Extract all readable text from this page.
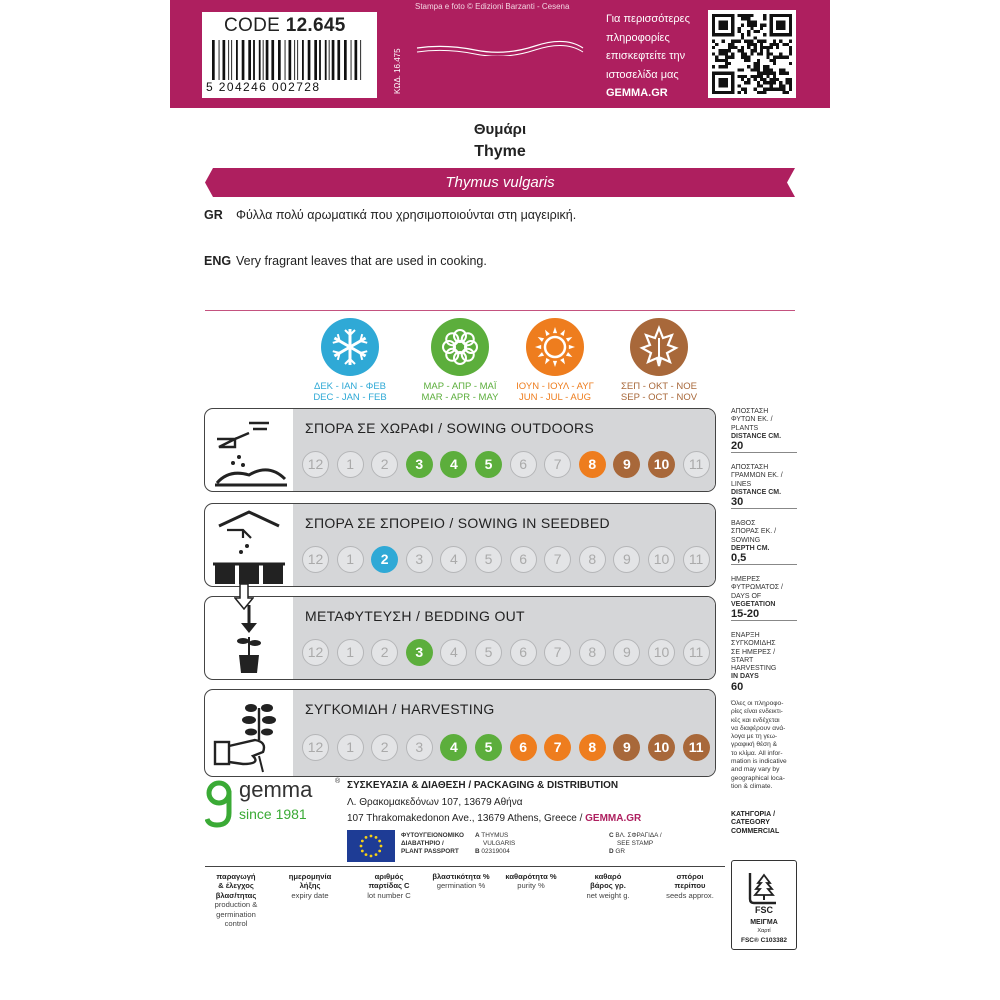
CODE 12.645
5 204246 002728	ΚΩΔ. 16.475
Stampa e foto © Edizioni Barzanti - Cesena
Για περισσότερες
πληροφορίες
επισκεφτείτε την
ιστοσελίδα μας
GEMMA.GR
Θυμάρι
Thyme
Thymus vulgaris
GR Φύλλα πολύ αρωματικά που χρησιμοποιούνται στη μαγειρική.
ENG Very fragrant leaves that are used in cooking.
ΔΕΚ - ΙΑΝ - ΦΕΒ
DEC - JAN - FEB
ΜΑΡ - ΑΠΡ - ΜΑΪ
MAR - APR - MAY
ΙΟΥΝ - ΙΟΥΛ - ΑΥΓ
JUN - JUL - AUG
ΣΕΠ - ΟΚΤ - ΝΟΕ
SEP - OCT - NOV
ΣΠΟΡΑ ΣΕ ΧΩΡΑΦΙ / SOWING OUTDOORS
12	1	2	3	4	5	6	7	8	9	10	11
ΣΠΟΡΑ ΣΕ ΣΠΟΡΕΙΟ / SOWING IN SEEDBED
12	1	2	3	4	5	6	7	8	9	10	11
ΜΕΤΑΦΥΤΕΥΣΗ / BEDDING OUT
12	1	2	3	4	5	6	7	8	9	10	11
ΣΥΓΚΟΜΙΔΗ / HARVESTING
12	1	2	3	4	5	6	7	8	9	10	11
ΑΠΟΣΤΑΣΗ
ΦΥΤΩΝ ΕΚ. /
PLANTS
DISTANCE CM.
20
ΑΠΟΣΤΑΣΗ
ΓΡΑΜΜΩΝ ΕΚ. /
LINES
DISTANCE CM.
30
ΒΑΘΟΣ
ΣΠΟΡΑΣ ΕΚ. /
SOWING
DEPTH CM.
0,5
ΗΜΕΡΕΣ
ΦΥΤΡΩΜΑΤΟΣ /
DAYS OF
VEGETATION
15-20
ΕΝΑΡΞΗ
ΣΥΓΚΟΜΙΔΗΣ
ΣΕ ΗΜΕΡΕΣ /
START
HARVESTING
IN DAYS
60
Όλες οι πληροφο-
ρίες είναι ενδεικτι-
κές και ενδέχεται
να διαφέρουν ανά-
λογα με τη γεω-
γραφική θέση &
το κλίμα. All infor-
mation is indicative
and may vary by
geographical loca-
tion & climate.
ΚΑΤΗΓΟΡΙΑ /
CATEGORY
COMMERCIAL
gemma
since 1981
® ΣΥΣΚΕΥΑΣΙΑ & ΔΙΑΘΕΣΗ / PACKAGING & DISTRIBUTION
Λ. Θρακομακεδόνων 107, 13679 Αθήνα
107 Thrakomakedonon Ave., 13679 Athens, Greece / GEMMA.GR
ΦΥΤΟΥΓΕΙΟΝΟΜΙΚΟ
ΔΙΑΒΑΤΗΡΙΟ /
PLANT PASSPORT
A THYMUS
VULGARIS
B 02319004
C ΒΛ. ΣΦΡΑΓΙΔΑ /
SEE STAMP
D GR
παραγωγή
& έλεγχος
βλασ/τητας
production &
germination
control
ημερομηνία
λήξης
expiry date
αριθμός
παρτίδας C
lot number C
βλαστικότητα %
germination %
καθαρότητα %
purity %
καθαρό
βάρος γρ.
net weight g.
σπόροι
περίπου
seeds approx.
FSC
ΜΕΙΓΜΑ
Χαρτί
FSC® C103382
